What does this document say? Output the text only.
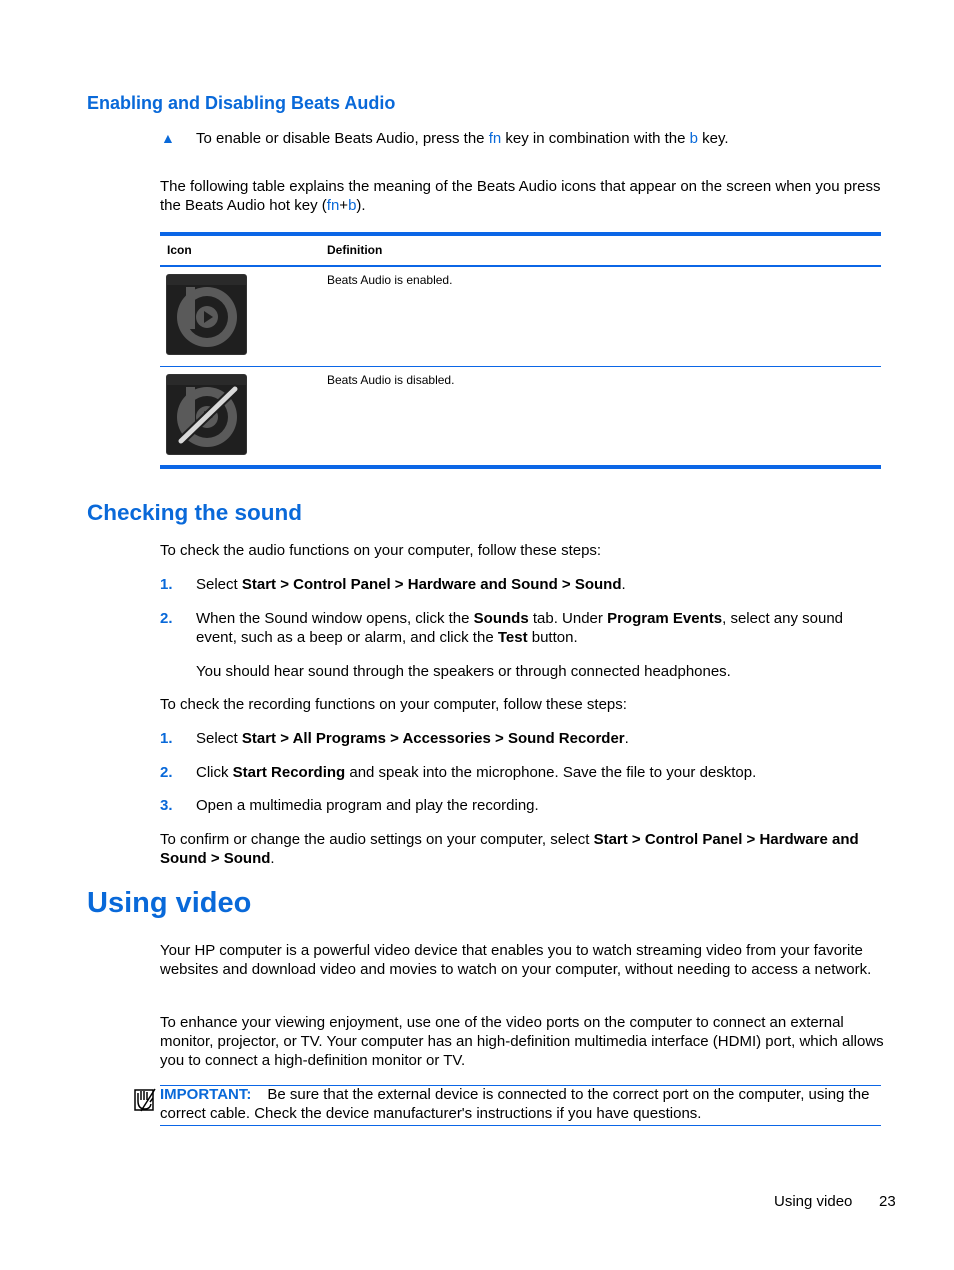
Enabling and Disabling Beats Audio
▲ To enable or disable Beats Audio, press the fn key in combination with the b key.
The following table explains the meaning of the Beats Audio icons that appear on the screen when you press the Beats Audio hot key (fn+b).
Icon	Definition
Beats Audio is enabled.
Beats Audio is disabled.
Checking the sound
To check the audio functions on your computer, follow these steps:
1. Select Start > Control Panel > Hardware and Sound > Sound.
2. When the Sound window opens, click the Sounds tab. Under Program Events, select any sound event, such as a beep or alarm, and click the Test button.
You should hear sound through the speakers or through connected headphones.
To check the recording functions on your computer, follow these steps:
1. Select Start > All Programs > Accessories > Sound Recorder.
2. Click Start Recording and speak into the microphone. Save the file to your desktop.
3. Open a multimedia program and play the recording.
To confirm or change the audio settings on your computer, select Start > Control Panel > Hardware and Sound > Sound.
Using video
Your HP computer is a powerful video device that enables you to watch streaming video from your favorite websites and download video and movies to watch on your computer, without needing to access a network.
To enhance your viewing enjoyment, use one of the video ports on the computer to connect an external monitor, projector, or TV. Your computer has an high-definition multimedia interface (HDMI) port, which allows you to connect a high-definition monitor or TV.
IMPORTANT: Be sure that the external device is connected to the correct port on the computer, using the correct cable. Check the device manufacturer's instructions if you have questions.
Using video 23
